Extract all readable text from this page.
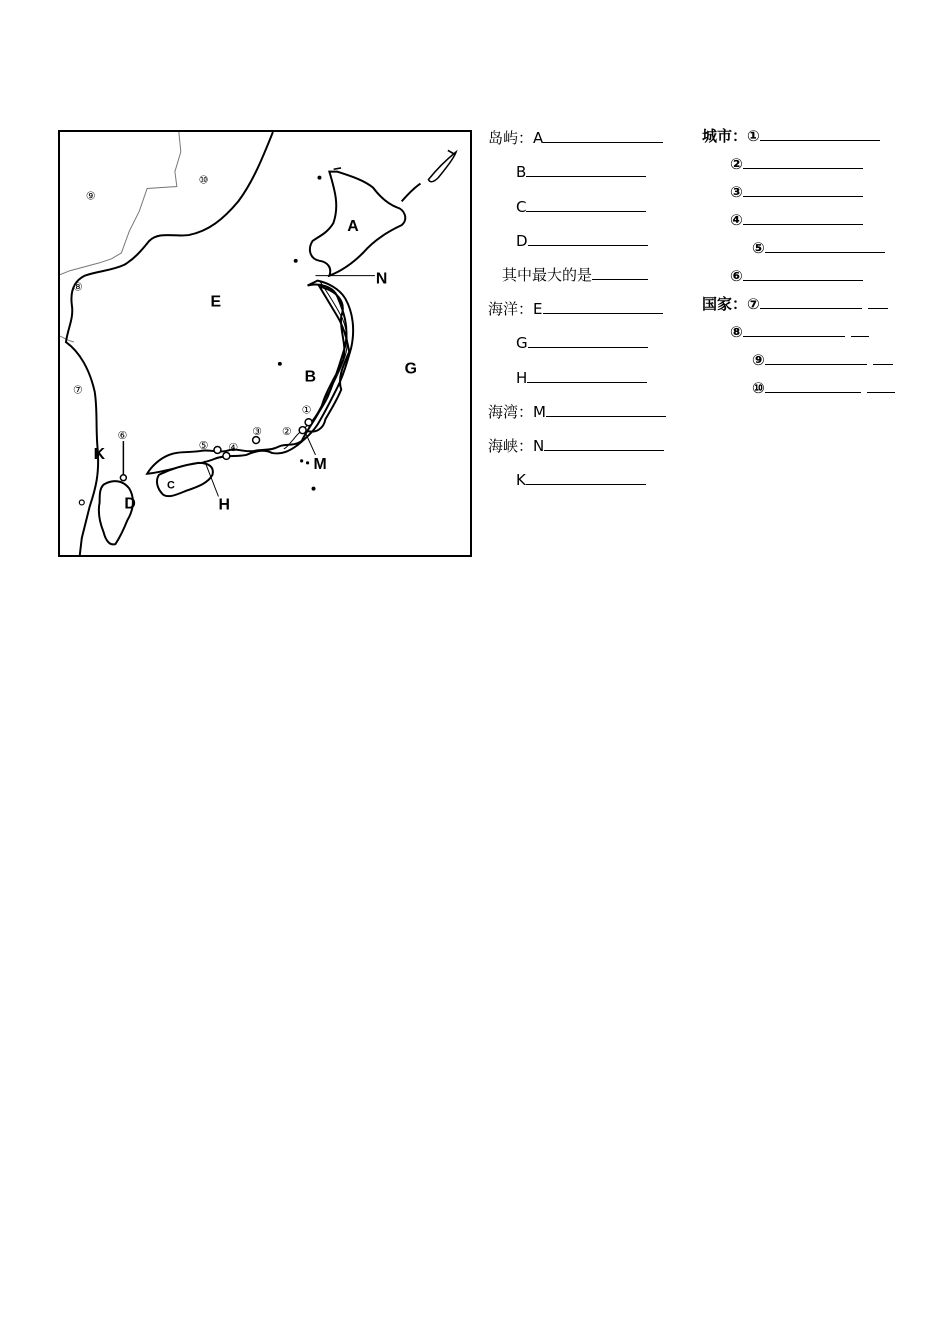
A
B
C
D
E
G
H
K
M
N
I
I
①
②
③
④
⑤
⑥
⑦
⑧
⑨
⑩
岛屿：A
B
C
D
其中最大的是
海洋：E
G
H
海湾：M
海峡：N
K
城市：①
②
③
④
⑤
⑥
国家：⑦
⑧
⑨
⑩
